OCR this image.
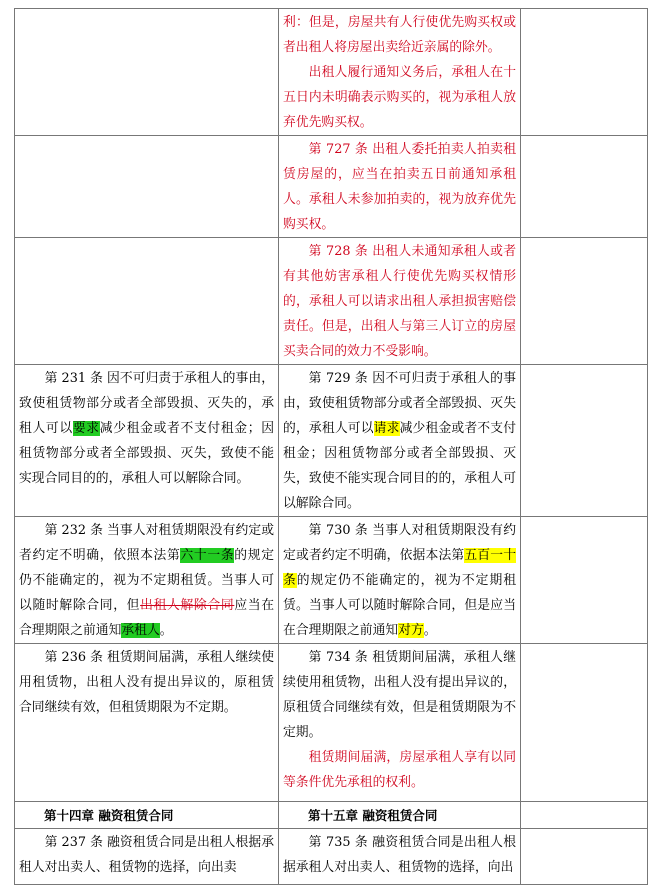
	利：但是，房屋共有人行使优先购买权或者出租人将房屋出卖给近亲属的除外。
出租人履行通知义务后，承租人在十五日内未明确表示购买的，视为承租人放弃优先购买权。	

	第 727 条 出租人委托拍卖人拍卖租赁房屋的，应当在拍卖五日前通知承租人。承租人未参加拍卖的，视为放弃优先购买权。	

	第 728 条 出租人未通知承租人或者有其他妨害承租人行使优先购买权情形的，承租人可以请求出租人承担损害赔偿责任。但是，出租人与第三人订立的房屋买卖合同的效力不受影响。	

第 231 条 因不可归责于承租人的事由，致使租赁物部分或者全部毁损、灭失的，承租人可以要求减少租金或者不支付租金；因租赁物部分或者全部毁损、灭失，致使不能实现合同目的的，承租人可以解除合同。	第 729 条 因不可归责于承租人的事由，致使租赁物部分或者全部毁损、灭失的，承租人可以请求减少租金或者不支付租金；因租赁物部分或者全部毁损、灭失，致使不能实现合同目的的，承租人可以解除合同。	

第 232 条 当事人对租赁期限没有约定或者约定不明确，依照本法第六十一条的规定仍不能确定的，视为不定期租赁。当事人可以随时解除合同，但出租人解除合同应当在合理期限之前通知承租人。	第 730 条 当事人对租赁期限没有约定或者约定不明确，依据本法第五百一十条的规定仍不能确定的，视为不定期租赁。当事人可以随时解除合同，但是应当在合理期限之前通知对方。	

第 236 条 租赁期间届满，承租人继续使用租赁物，出租人没有提出异议的，原租赁合同继续有效，但租赁期限为不定期。	第 734 条 租赁期间届满，承租人继续使用租赁物，出租人没有提出异议的，原租赁合同继续有效，但是租赁期限为不定期。
租赁期间届满，房屋承租人享有以同等条件优先承租的权利。	

第十四章 融资租赁合同	第十五章 融资租赁合同	

第 237 条 融资租赁合同是出租人根据承租人对出卖人、租赁物的选择，向出卖	第 735 条 融资租赁合同是出租人根据承租人对出卖人、租赁物的选择，向出	
